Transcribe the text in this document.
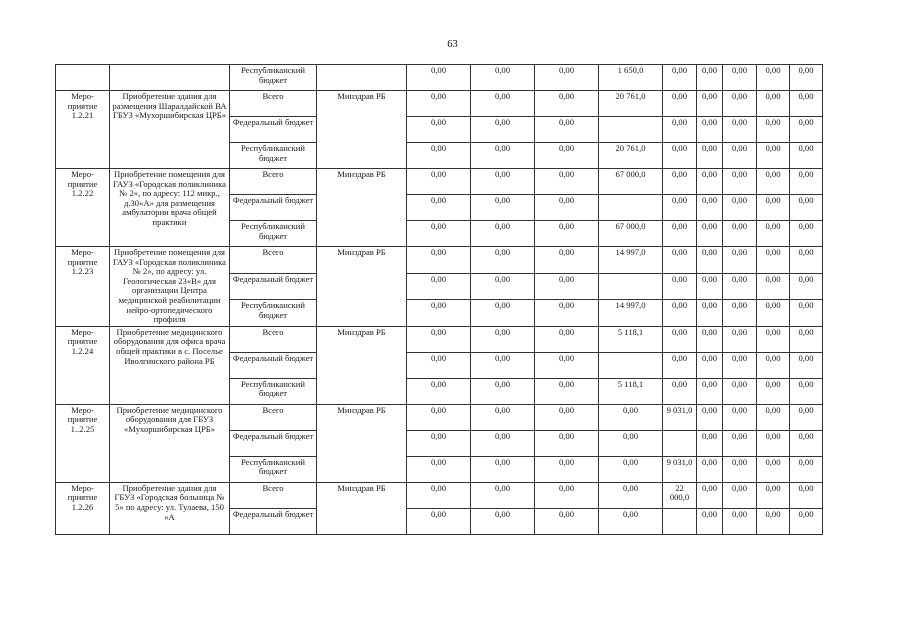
63
		Республиканский бюджет		0,00	0,00	0,00	1 650,0	0,00	0,00	0,00	0,00	0,00
Меро-приятие 1.2.21	Приобретение здания для размещения Шаралдайской ВА ГБУЗ «Мухоршибирская ЦРБ»	Всего	Минздрав РБ	0,00	0,00	0,00	20 761,0	0,00	0,00	0,00	0,00	0,00
		Федеральный бюджет		0,00	0,00	0,00		0,00	0,00	0,00	0,00	0,00
		Республиканский бюджет		0,00	0,00	0,00	20 761,0	0,00	0,00	0,00	0,00	0,00
Меро-приятие 1.2.22	Приобретение помещения для ГАУЗ «Городская поликлиника № 2», по адресу: 112 микр., д.30«А» для размещения амбулатории врача общей практики	Всего	Минздрав РБ	0,00	0,00	0,00	67 000,0	0,00	0,00	0,00	0,00	0,00
		Федеральный бюджет		0,00	0,00	0,00		0,00	0,00	0,00	0,00	0,00
		Республиканский бюджет		0,00	0,00	0,00	67 000,0	0,00	0,00	0,00	0,00	0,00
Меро-приятие 1.2.23	Приобретение помещения для ГАУЗ «Городская поликлиника № 2», по адресу: ул. Геологическая 23«В» для организации Центра медицинской реабилитации нейро-ортопедического профиля	Всего	Минздрав РБ	0,00	0,00	0,00	14 997,0	0,00	0,00	0,00	0,00	0,00
		Федеральный бюджет		0,00	0,00	0,00		0,00	0,00	0,00	0,00	0,00
		Республиканский бюджет		0,00	0,00	0,00	14 997,0	0,00	0,00	0,00	0,00	0,00
Меро-приятие 1.2.24	Приобретение медицинского оборудования для офиса врача общей практики в с. Поселье Иволгинского района РБ	Всего	Минздрав РБ	0,00	0,00	0,00	5 118,1	0,00	0,00	0,00	0,00	0,00
		Федеральный бюджет		0,00	0,00	0,00		0,00	0,00	0,00	0,00	0,00
		Республиканский бюджет		0,00	0,00	0,00	5 118,1	0,00	0,00	0,00	0,00	0,00
Меро-приятие 1..2.25	Приобретение медицинского оборудования для ГБУЗ «Мухоршибирская ЦРБ»	Всего	Минздрав РБ	0,00	0,00	0,00	0,00	9 031,0	0,00	0,00	0,00	0,00
		Федеральный бюджет		0,00	0,00	0,00	0,00		0,00	0,00	0,00	0,00
		Республиканский бюджет		0,00	0,00	0,00	0,00	9 031,0	0,00	0,00	0,00	0,00
Меро-приятие 1.2.26	Приобретение здания для ГБУЗ «Городская больница № 5» по адресу: ул. Тулаева, 150 «А	Всего	Минздрав РБ	0,00	0,00	0,00	0,00	22 000,0	0,00	0,00	0,00	0,00
		Федеральный бюджет		0,00	0,00	0,00	0,00		0,00	0,00	0,00	0,00
